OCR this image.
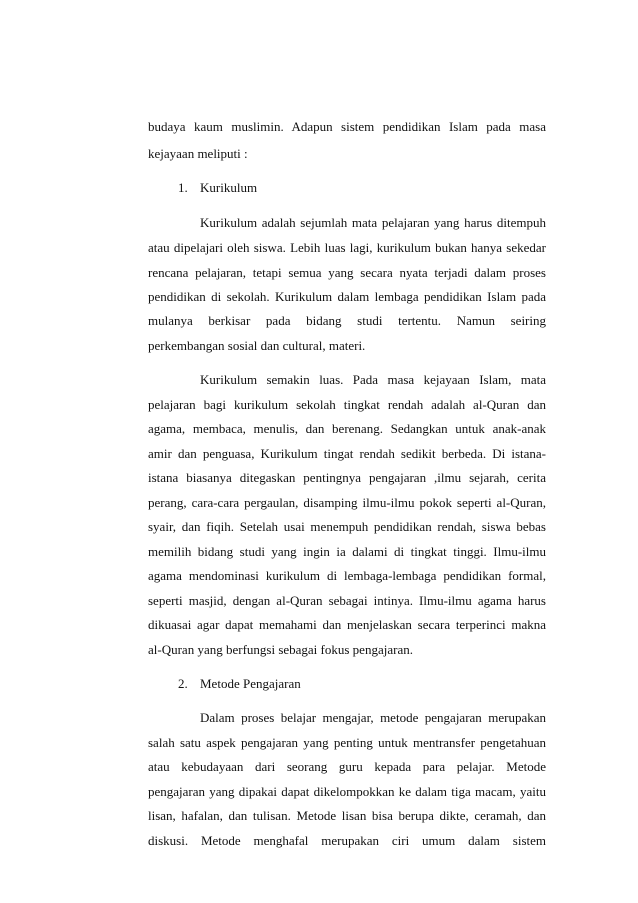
budaya kaum muslimin. Adapun sistem pendidikan Islam pada masa
kejayaan meliputi :
1. Kurikulum
Kurikulum adalah sejumlah mata pelajaran yang harus ditempuh
atau dipelajari oleh siswa. Lebih luas lagi, kurikulum bukan hanya sekedar
rencana pelajaran, tetapi semua yang secara nyata terjadi dalam proses
pendidikan di sekolah. Kurikulum dalam lembaga pendidikan Islam pada
mulanya berkisar pada bidang studi tertentu. Namun seiring
perkembangan sosial dan cultural, materi.
Kurikulum semakin luas. Pada masa kejayaan Islam, mata
pelajaran bagi kurikulum sekolah tingkat rendah adalah al-Quran dan
agama, membaca, menulis, dan berenang. Sedangkan untuk anak-anak
amir dan penguasa, Kurikulum tingat rendah sedikit berbeda. Di istana-
istana biasanya ditegaskan pentingnya pengajaran ,ilmu sejarah, cerita
perang, cara-cara pergaulan, disamping ilmu-ilmu pokok seperti al-Quran,
syair, dan fiqih. Setelah usai menempuh pendidikan rendah, siswa bebas
memilih bidang studi yang ingin ia dalami di tingkat tinggi. Ilmu-ilmu
agama mendominasi kurikulum di lembaga-lembaga pendidikan formal,
seperti masjid, dengan al-Quran sebagai intinya. Ilmu-ilmu agama harus
dikuasai agar dapat memahami dan menjelaskan secara terperinci makna
al-Quran yang berfungsi sebagai fokus pengajaran.
2. Metode Pengajaran
Dalam proses belajar mengajar, metode pengajaran merupakan
salah satu aspek pengajaran yang penting untuk mentransfer pengetahuan
atau kebudayaan dari seorang guru kepada para pelajar. Metode
pengajaran yang dipakai dapat dikelompokkan ke dalam tiga macam, yaitu
lisan, hafalan, dan tulisan. Metode lisan bisa berupa dikte, ceramah, dan
diskusi. Metode menghafal merupakan ciri umum dalam sistem
